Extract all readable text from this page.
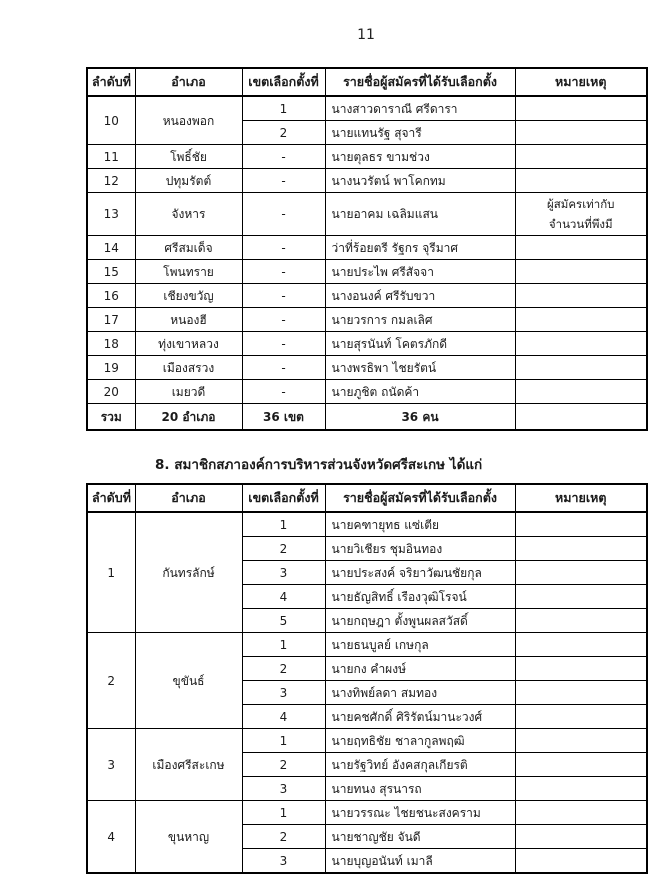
11
ลำดับที่	อำเภอ	เขตเลือกตั้งที่	รายชื่อผู้สมัครที่ได้รับเลือกตั้ง	หมายเหตุ
10	หนองพอก	1	นางสาวดาราณี ศรีดารา	
		2	นายแทนรัฐ สุจารี	
11	โพธิ์ชัย	-	นายตุลธร ขามช่วง	
12	ปทุมรัตต์	-	นางนวรัตน์ พาโคกทม	
13	จังหาร	-	นายอาคม เฉลิมแสน	ผู้สมัครเท่ากับ
จำนวนที่พึงมี

14	ศรีสมเด็จ	-	ว่าที่ร้อยตรี รัฐกร จุรีมาศ	
15	โพนทราย	-	นายประไพ ศรีสัจจา	
16	เชียงขวัญ	-	นางอนงค์ ศรีรับขวา	
17	หนองฮี	-	นายวรการ กมลเลิศ	
18	ทุ่งเขาหลวง	-	นายสุรนันท์ โคตรภักดี	
19	เมืองสรวง	-	นางพรธิพา ไชยรัตน์	
20	เมยวดี	-	นายภูชิต ถนัดค้า	
รวม	20 อำเภอ	36 เขต	36 คน	
8. สมาชิกสภาองค์การบริหารส่วนจังหวัดศรีสะเกษ ได้แก่
ลำดับที่	อำเภอ	เขตเลือกตั้งที่	รายชื่อผู้สมัครที่ได้รับเลือกตั้ง	หมายเหตุ
1	กันทรลักษ์	1	นายคฑายุทธ แซ่เตีย	
		2	นายวิเชียร ชุมอินทอง	
		3	นายประสงค์ จริยาวัฒนชัยกุล	
		4	นายธัญสิทธิ์ เรืองวุฒิโรจน์	
		5	นายกฤษฎา ตั้งพูนผลสวัสดิ์	
2	ขุขันธ์	1	นายธนบูลย์ เกษกุล	
		2	นายกง คำผงษ์	
		3	นางทิพย์ลดา สมทอง	
		4	นายคชศักดิ์ ศิริรัตน์มานะวงศ์	
3	เมืองศรีสะเกษ	1	นายฤทธิชัย ชาลากูลพฤฒิ	
		2	นายรัฐวิทย์ อังคสกุลเกียรติ	
		3	นายทนง สุรนารถ	
4	ขุนหาญ	1	นายวรรณะ ไชยชนะสงคราม	
		2	นายชาญชัย จันดี	
		3	นายบุญอนันท์ เมาลี	
